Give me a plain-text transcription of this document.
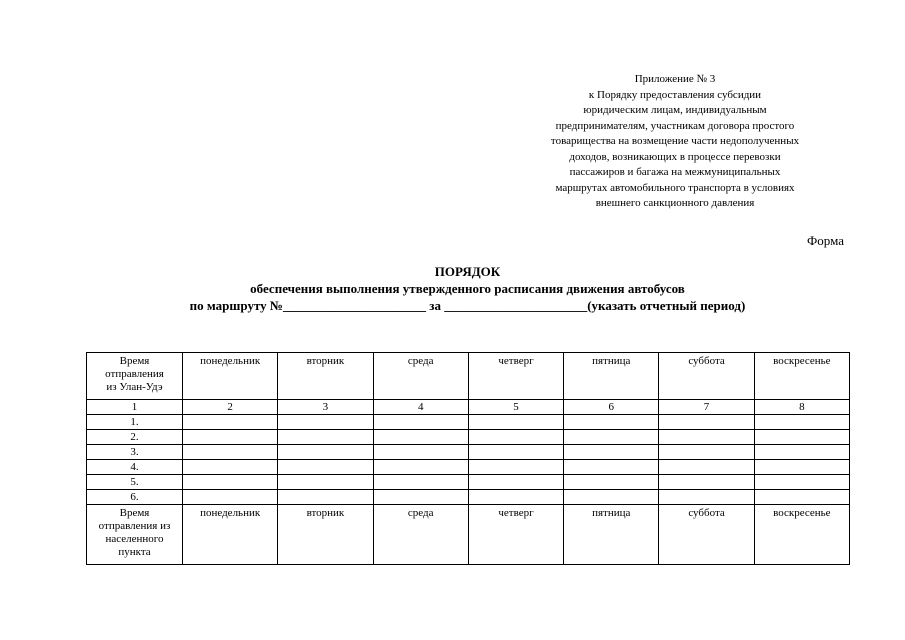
Приложение № 3
к Порядку предоставления субсидии
юридическим лицам, индивидуальным
предпринимателям, участникам договора простого
товарищества на возмещение части недополученных
доходов, возникающих в процессе перевозки
пассажиров и багажа на межмуниципальных
маршрутах автомобильного транспорта в условиях
внешнего санкционного давления
Форма
ПОРЯДОК
обеспечения выполнения утвержденного расписания движения автобусов
по маршруту №______________________ за ______________________(указать отчетный период)
Время
отправления
из Улан-Удэ	понедельник	вторник	среда	четверг	пятница	суббота	воскресенье
1	2	3	4	5	6	7	8
1.							
2.							
3.							
4.							
5.							
6.							

Время
отправления из
населенного
пункта	понедельник	вторник	среда	четверг	пятница	суббота	воскресенье
